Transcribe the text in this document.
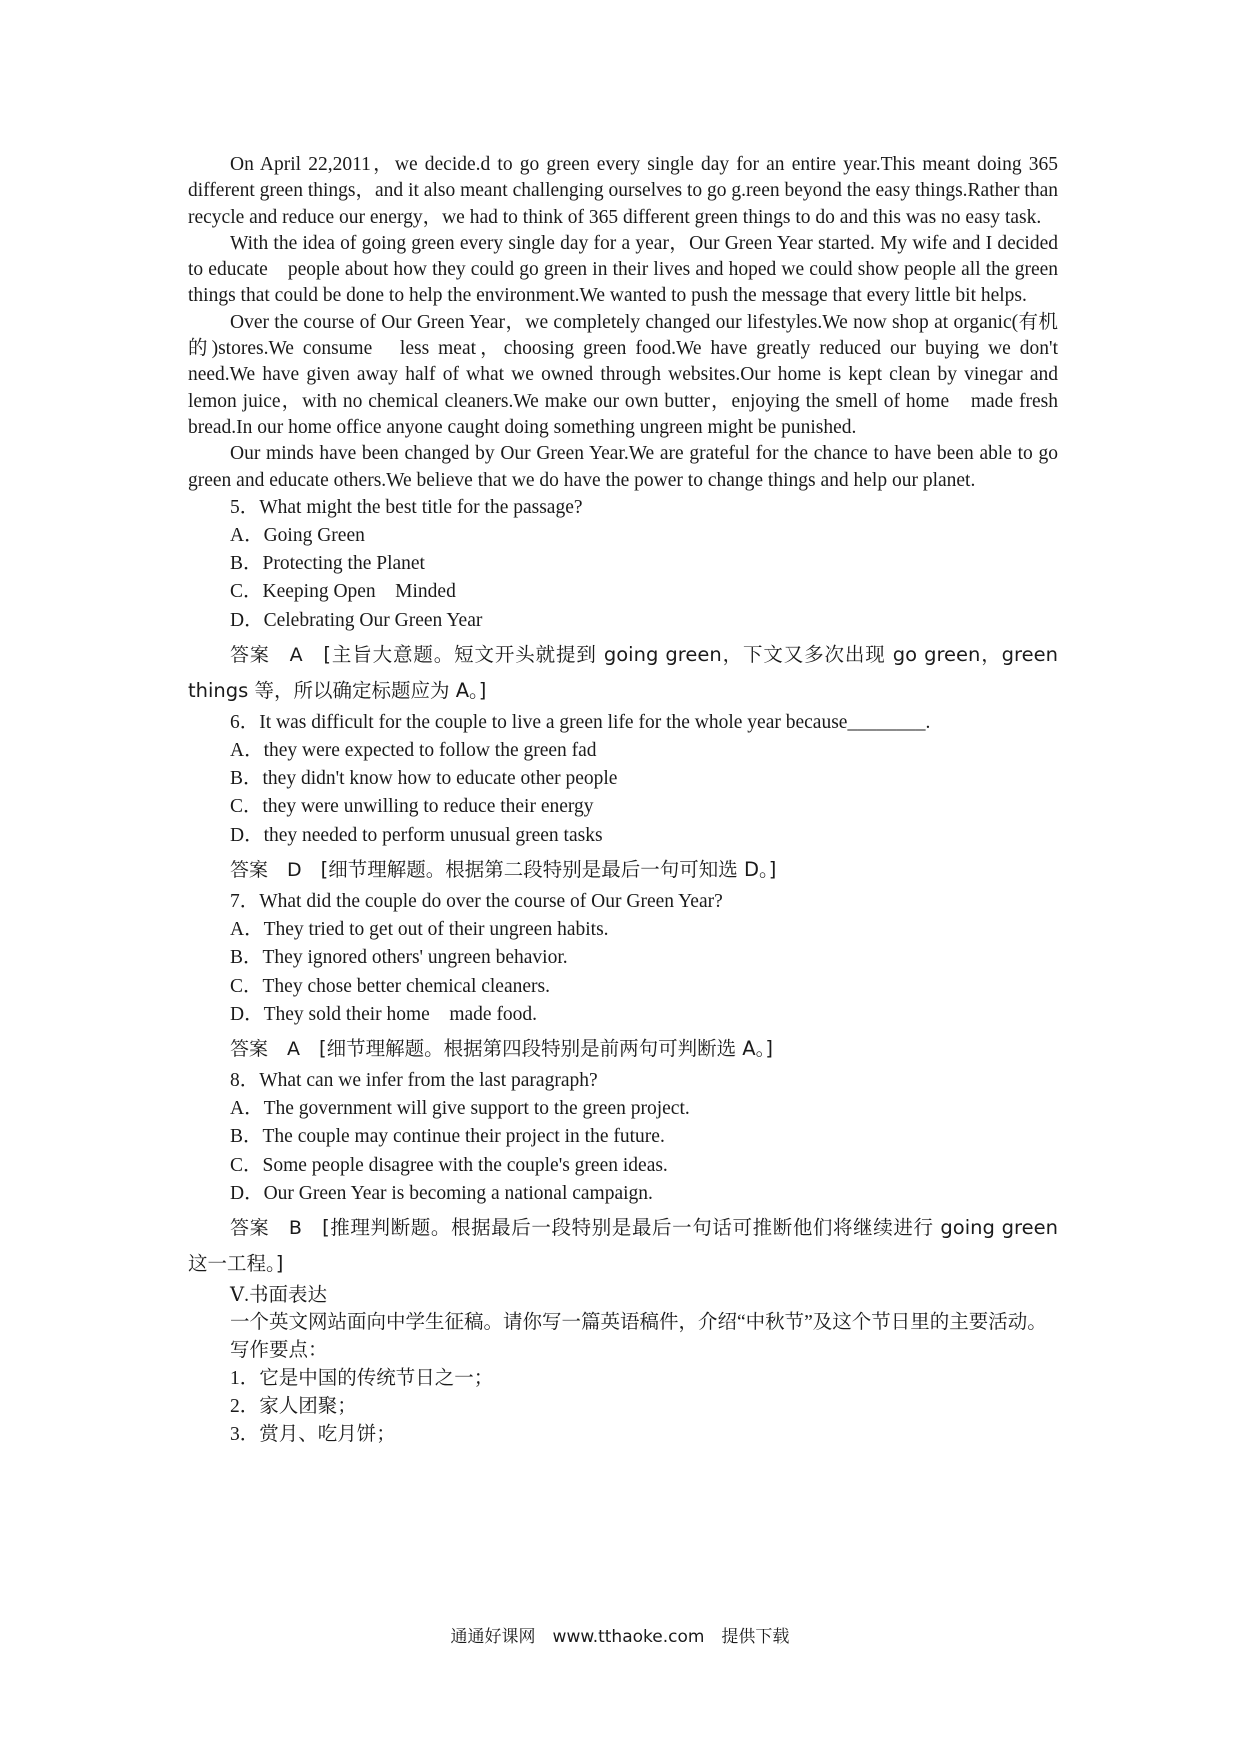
On April 22,2011，we decide.d to go green every single day for an entire year.This meant doing 365 different green things，and it also meant challenging ourselves to go g.reen beyond the easy things.Rather than recycle and reduce our energy，we had to think of 365 different green things to do and this was no easy task.

With the idea of going green every single day for a year，Our Green Year started. My wife and I decided to educate　people about how they could go green in their lives and hoped we could show people all the green things that could be done to help the environment.We wanted to push the message that every little bit helps.

Over the course of Our Green Year，we completely changed our lifestyles.We now shop at organic(有机的)stores.We consume　less meat，choosing green food.We have greatly reduced our buying we don't need.We have given away half of what we owned through websites.Our home is kept clean by vinegar and lemon juice，with no chemical cleaners.We make our own butter，enjoying the smell of home　made fresh bread.In our home office anyone caught doing something ungreen might be punished.

Our minds have been changed by Our Green Year.We are grateful for the chance to have been able to go green and educate others.We believe that we do have the power to change things and help our planet.

5．What might the best title for the passage?

A．Going Green

B．Protecting the Planet

C．Keeping Open　Minded

D．Celebrating Our Green Year

答案　A　[主旨大意题。短文开头就提到 going green，下文又多次出现 go green，green things 等，所以确定标题应为 A。]

6．It was difficult for the couple to live a green life for the whole year because________.

A．they were expected to follow the green fad

B．they didn't know how to educate other people

C．they were unwilling to reduce their energy

D．they needed to perform unusual green tasks

答案　D　[细节理解题。根据第二段特别是最后一句可知选 D。]

7．What did the couple do over the course of Our Green Year?

A．They tried to get out of their ungreen habits.

B．They ignored others' ungreen behavior.

C．They chose better chemical cleaners.

D．They sold their home　made food.

答案　A　[细节理解题。根据第四段特别是前两句可判断选 A。]

8．What can we infer from the last paragraph?

A．The government will give support to the green project.

B．The couple may continue their project in the future.

C．Some people disagree with the couple's green ideas.

D．Our Green Year is becoming a national campaign.

答案　B　[推理判断题。根据最后一段特别是最后一句话可推断他们将继续进行 going green 这一工程。]

Ⅴ.书面表达

一个英文网站面向中学生征稿。请你写一篇英语稿件，介绍“中秋节”及这个节日里的主要活动。

写作要点：

1．它是中国的传统节日之一；

2．家人团聚；

3．赏月、吃月饼；

通通好课网　www.tthaoke.com　提供下载
